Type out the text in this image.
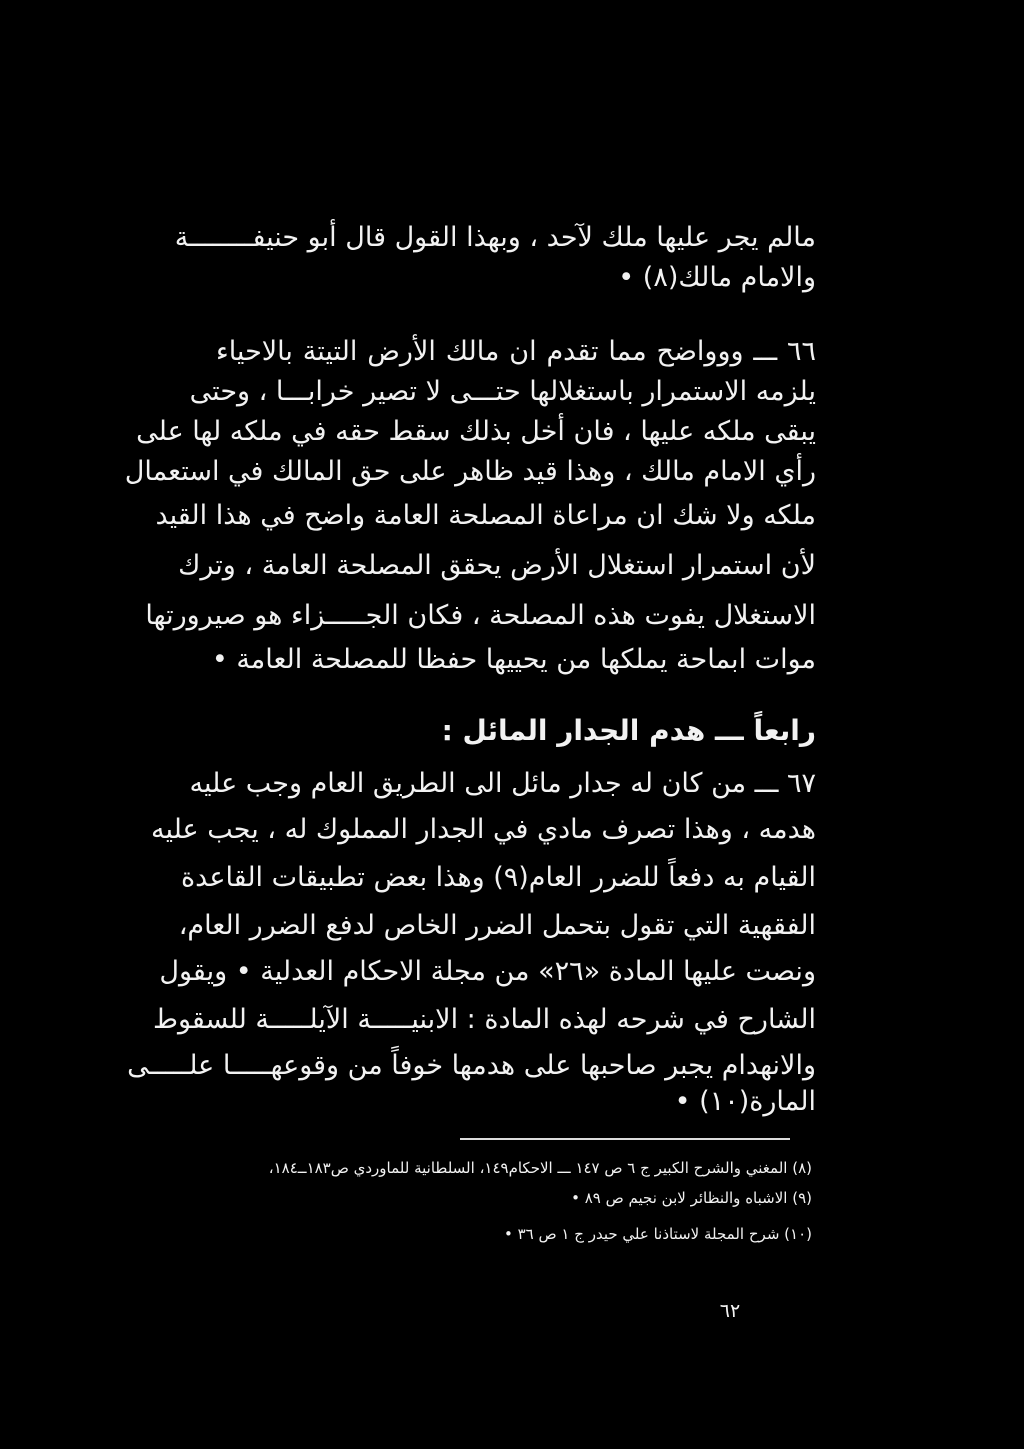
مالم يجر عليها ملك لآحد ، وبهذا القول قال أبو حنيفــــــــة
والامام مالك(٨) •
٦٦ ـــ ووواضح مما تقدم ان مالك الأرض التيتة بالاحياء
يلزمه الاستمرار باستغلالها حتـــى لا تصير خرابـــا ، وحتى
يبقى ملكه عليها ، فان أخل بذلك سقط حقه في ملكه لها على
رأي الامام مالك ، وهذا قيد ظاهر على حق المالك في استعمال
ملكه ولا شك ان مراعاة المصلحة العامة واضح في هذا القيد
لأن استمرار استغلال الأرض يحقق المصلحة العامة ، وترك
الاستغلال يفوت هذه المصلحة ، فكان الجـــــزاء هو صيرورتها
موات ابماحة يملكها من يحييها حفظا للمصلحة العامة •
رابعاً ـــ هدم الجدار المائل :
٦٧ ـــ من كان له جدار مائل الى الطريق العام وجب عليه
هدمه ، وهذا تصرف مادي في الجدار المملوك له ، يجب عليه
القيام به دفعاً للضرر العام(٩) وهذا بعض تطبيقات القاعدة
الفقهية التي تقول بتحمل الضرر الخاص لدفع الضرر العام،
ونصت عليها المادة «٢٦» من مجلة الاحكام العدلية • ويقول
الشارح في شرحه لهذه المادة : الابنيـــــة الآيلـــــة للسقوط
والانهدام يجبر صاحبها على هدمها خوفاً من وقوعهـــــا علـــــى
المارة(١٠) •
(٨) المغني والشرح الكبير ج ٦ ص ١٤٧ ـــ الاحكام١٤٩، السلطانية للماوردي ص١٨٣ــ١٨٤،
(٩) الاشباه والنظائر لابن نجيم ص ٨٩ •
(١٠) شرح المجلة لاستاذنا علي حيدر ج ١ ص ٣٦ •
٦٢
